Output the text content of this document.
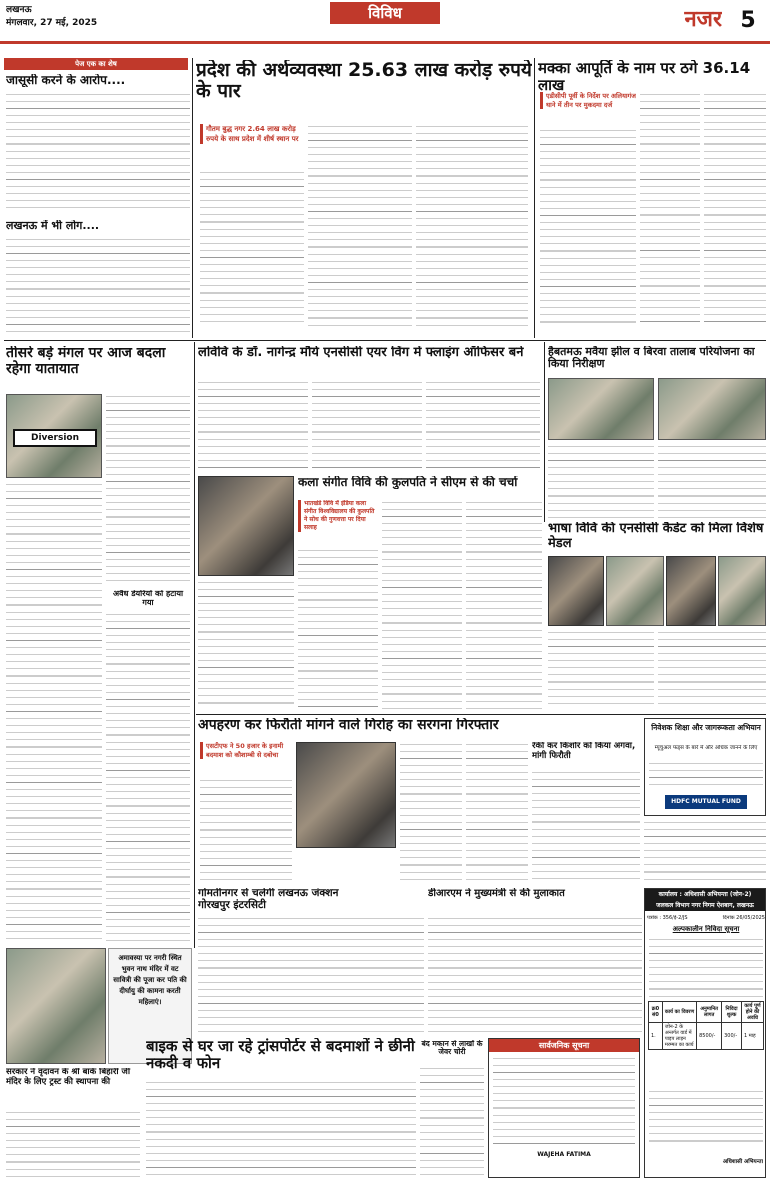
लखनऊ
मंगलवार, 27 मई, 2025
विविध	नजर 5
पेज एक का शेष
जासूसी करने के आरोप....
लखनऊ में भी लोग....
प्रदेश की अर्थव्यवस्था 25.63 लाख करोड़ रुपये के पार
गौतम बुद्ध नगर 2.64 लाख करोड़ रुपये के साथ प्रदेश में शीर्ष स्थान पर
मक्का आपूर्ति के नाम पर ठगे 36.14 लाख
एडीसीपी पूर्वी के निर्देश पर अलियागंज थाने में तीन पर मुकदमा दर्ज
तीसरे बड़े मंगल पर आज बदला रहेगा यातायात
Diversion
अवैध डेयरियों को हटाया गया
लविवि के डॉ. नागेन्द्र मौर्य एनसीसी एयर विंग में फ्लाइंग ऑफिसर बने	हैबतमऊ मवैया झील व बिरवा तालाब परियोजना का किया निरीक्षण
कला संगीत विवि की कुलपति ने सीएम से की चर्चा
भातखंडे विवि में इंडिया कला संगीत विश्वविद्यालय की कुलपति ने सोध की गुणवत्ता पर दिया सलाह	भाषा विवि की एनसीसी कैडेट को मिला विशेष मेडल
अपहरण कर फिरौती मांगने वाले गिरोह का सरगना गिरफ्तार
एसटीएफ ने 50 हजार के इनामी बदमाश को कौशाम्बी से दबोचा
रेकी कर किशोर को किया अगवा, मांगी फिरौती
निवेशक शिक्षा और जागरूकता अभियान
म्यूचुअल फंड्स के बारे में और अधिक जानने के लिए
HDFC MUTUAL FUND
अमावस्या पर नगरी स्थित भुवन नाथ मंदिर में वट सावित्री की पूजा कर पति की दीर्घायु की कामना करती महिलाएं।
गोमतीनगर से चलेगी लखनऊ जंक्शन गोरखपुर इंटरसिटी
डीआरएम ने मुख्यमंत्री से की मुलाकात	कार्यालय : अधिशासी अभियन्ता (जोन-2)
जलकल विभाग नगर निगम ऐशबाग, लखनऊ
पत्रांक : 356/ई-2/JS	दिनांक 26/05/2025
अल्पकालीन निविदा सूचना
क्र0 सं0	कार्य का विवरण	अनुमानित लागत	निविदा शुल्क	कार्य पूर्ण होने की अवधि
1.	जोन-2 के अन्तर्गत वार्ड में पाइप लाइन मरम्मत का कार्य	8500/-	300/-	1 माह
अधिशासी अभियन्ता
सरकार ने वृंदावन के श्री बांके बिहारी जी मंदिर के लिए ट्रस्ट की स्थापना की
बाइक से घर जा रहे ट्रांसपोर्टर से बदमाशों ने छीनी नकदी व फोन
बंद मकान से लाखों के जेवर चोरी
सार्वजनिक सूचना
WAJEHA FATIMA
